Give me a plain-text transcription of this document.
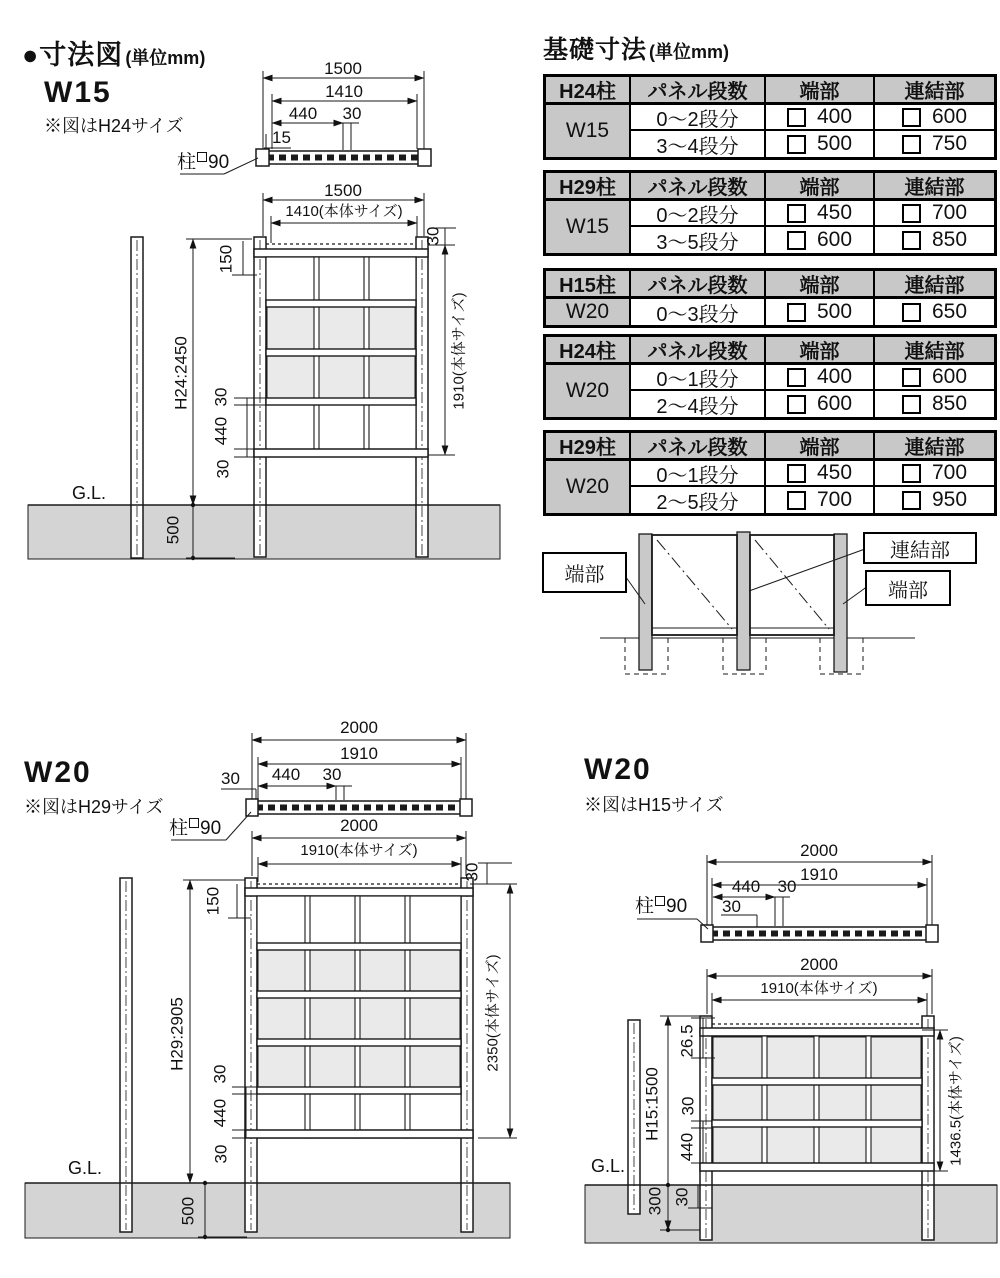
●寸法図 (単位mm)	基礎寸法 (単位mm)
W15
※図はH24サイズ
1500
1410
440 30
15
柱 90
1500
1410(本体サイズ)
150
H24:2450 30
440
30
30
1910(本体サイズ)
G.L.
500
H24柱	パネル段数	端部	連結部
W15	0～2段分	400	600
3～4段分	500	750
H29柱	パネル段数	端部	連結部
W15	0～2段分	450	700
3～5段分	600	850
H15柱	パネル段数	端部	連結部
W20	0～3段分	500	650
H24柱	パネル段数	端部	連結部
W20	0～1段分	400	600
2～4段分	600	850
H29柱	パネル段数	端部	連結部
W20	0～1段分	450	700
2～5段分	700	950
端部
連結部
端部
W20
※図はH29サイズ
2000
1910
440 30
30
柱 90	2000
1910(本体サイズ)
150
H29:2905
30
440
30
30
2350(本体サイズ)
G.L.
500
W20
※図はH15サイズ
2000
1910
440 30
30
柱 90
2000
1910(本体サイズ)
26.5
H15:1500 30
440
300 30
1436.5(本体サイズ)
G.L.
